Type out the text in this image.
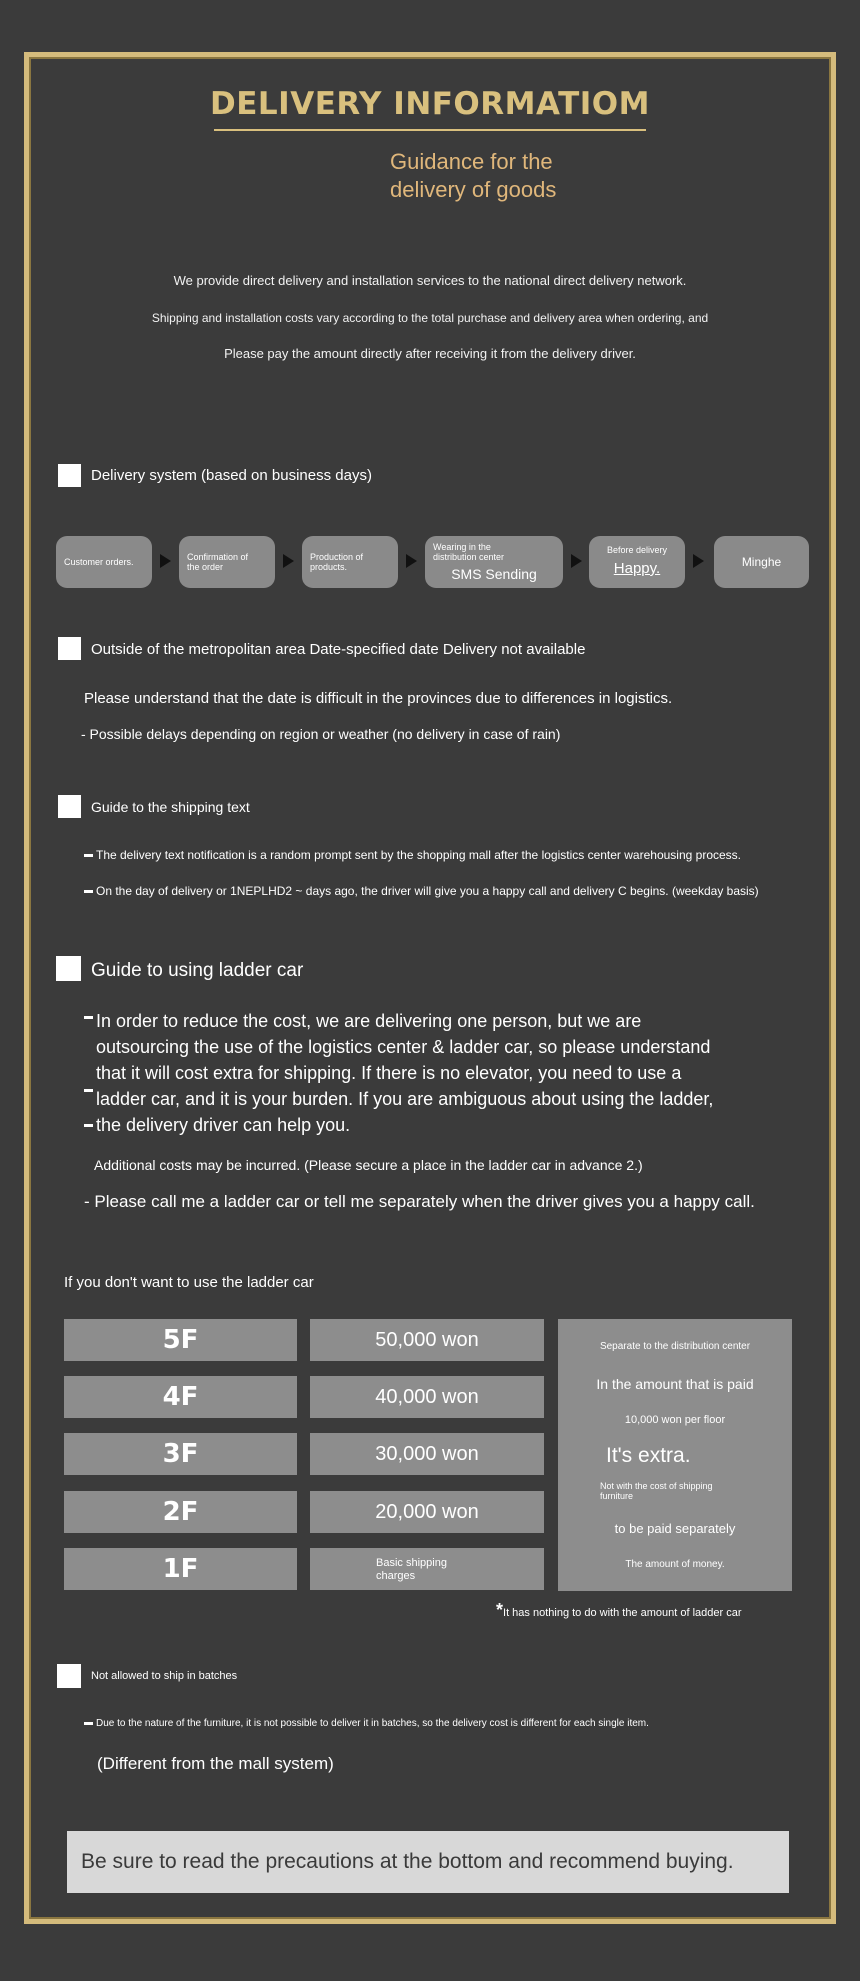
DELIVERY INFORMATIOM
Guidance for the
delivery of goods
We provide direct delivery and installation services to the national direct delivery network.
Shipping and installation costs vary according to the total purchase and delivery area when ordering, and
Please pay the amount directly after receiving it from the delivery driver.
Delivery system (based on business days)
Customer orders.	Confirmation of
the order
Production of
products.
Wearing in the
distribution center
SMS Sending
Before delivery
Happy.	Minghe
Outside of the metropolitan area Date-specified date Delivery not available
Please understand that the date is difficult in the provinces due to differences in logistics.
- Possible delays depending on region or weather (no delivery in case of rain)
Guide to the shipping text
The delivery text notification is a random prompt sent by the shopping mall after the logistics center warehousing process.
On the day of delivery or 1NEPLHD2 ~ days ago, the driver will give you a happy call and delivery C begins. (weekday basis)
Guide to using ladder car
In order to reduce the cost, we are delivering one person, but we are
outsourcing the use of the logistics center & ladder car, so please understand
that it will cost extra for shipping. If there is no elevator, you need to use a
ladder car, and it is your burden. If you are ambiguous about using the ladder,
the delivery driver can help you.
Additional costs may be incurred. (Please secure a place in the ladder car in advance 2.)
- Please call me a ladder car or tell me separately when the driver gives you a happy call.
If you don't want to use the ladder car
5F
4F
3F
2F
1F
50,000 won
40,000 won
30,000 won
20,000 won
Basic shipping
charges
Separate to the distribution center
In the amount that is paid
10,000 won per floor
It's extra.
Not with the cost of shipping
furniture
to be paid separately
The amount of money.
*It has nothing to do with the amount of ladder car
Not allowed to ship in batches
Due to the nature of the furniture, it is not possible to deliver it in batches, so the delivery cost is different for each single item.
(Different from the mall system)
Be sure to read the precautions at the bottom and recommend buying.
